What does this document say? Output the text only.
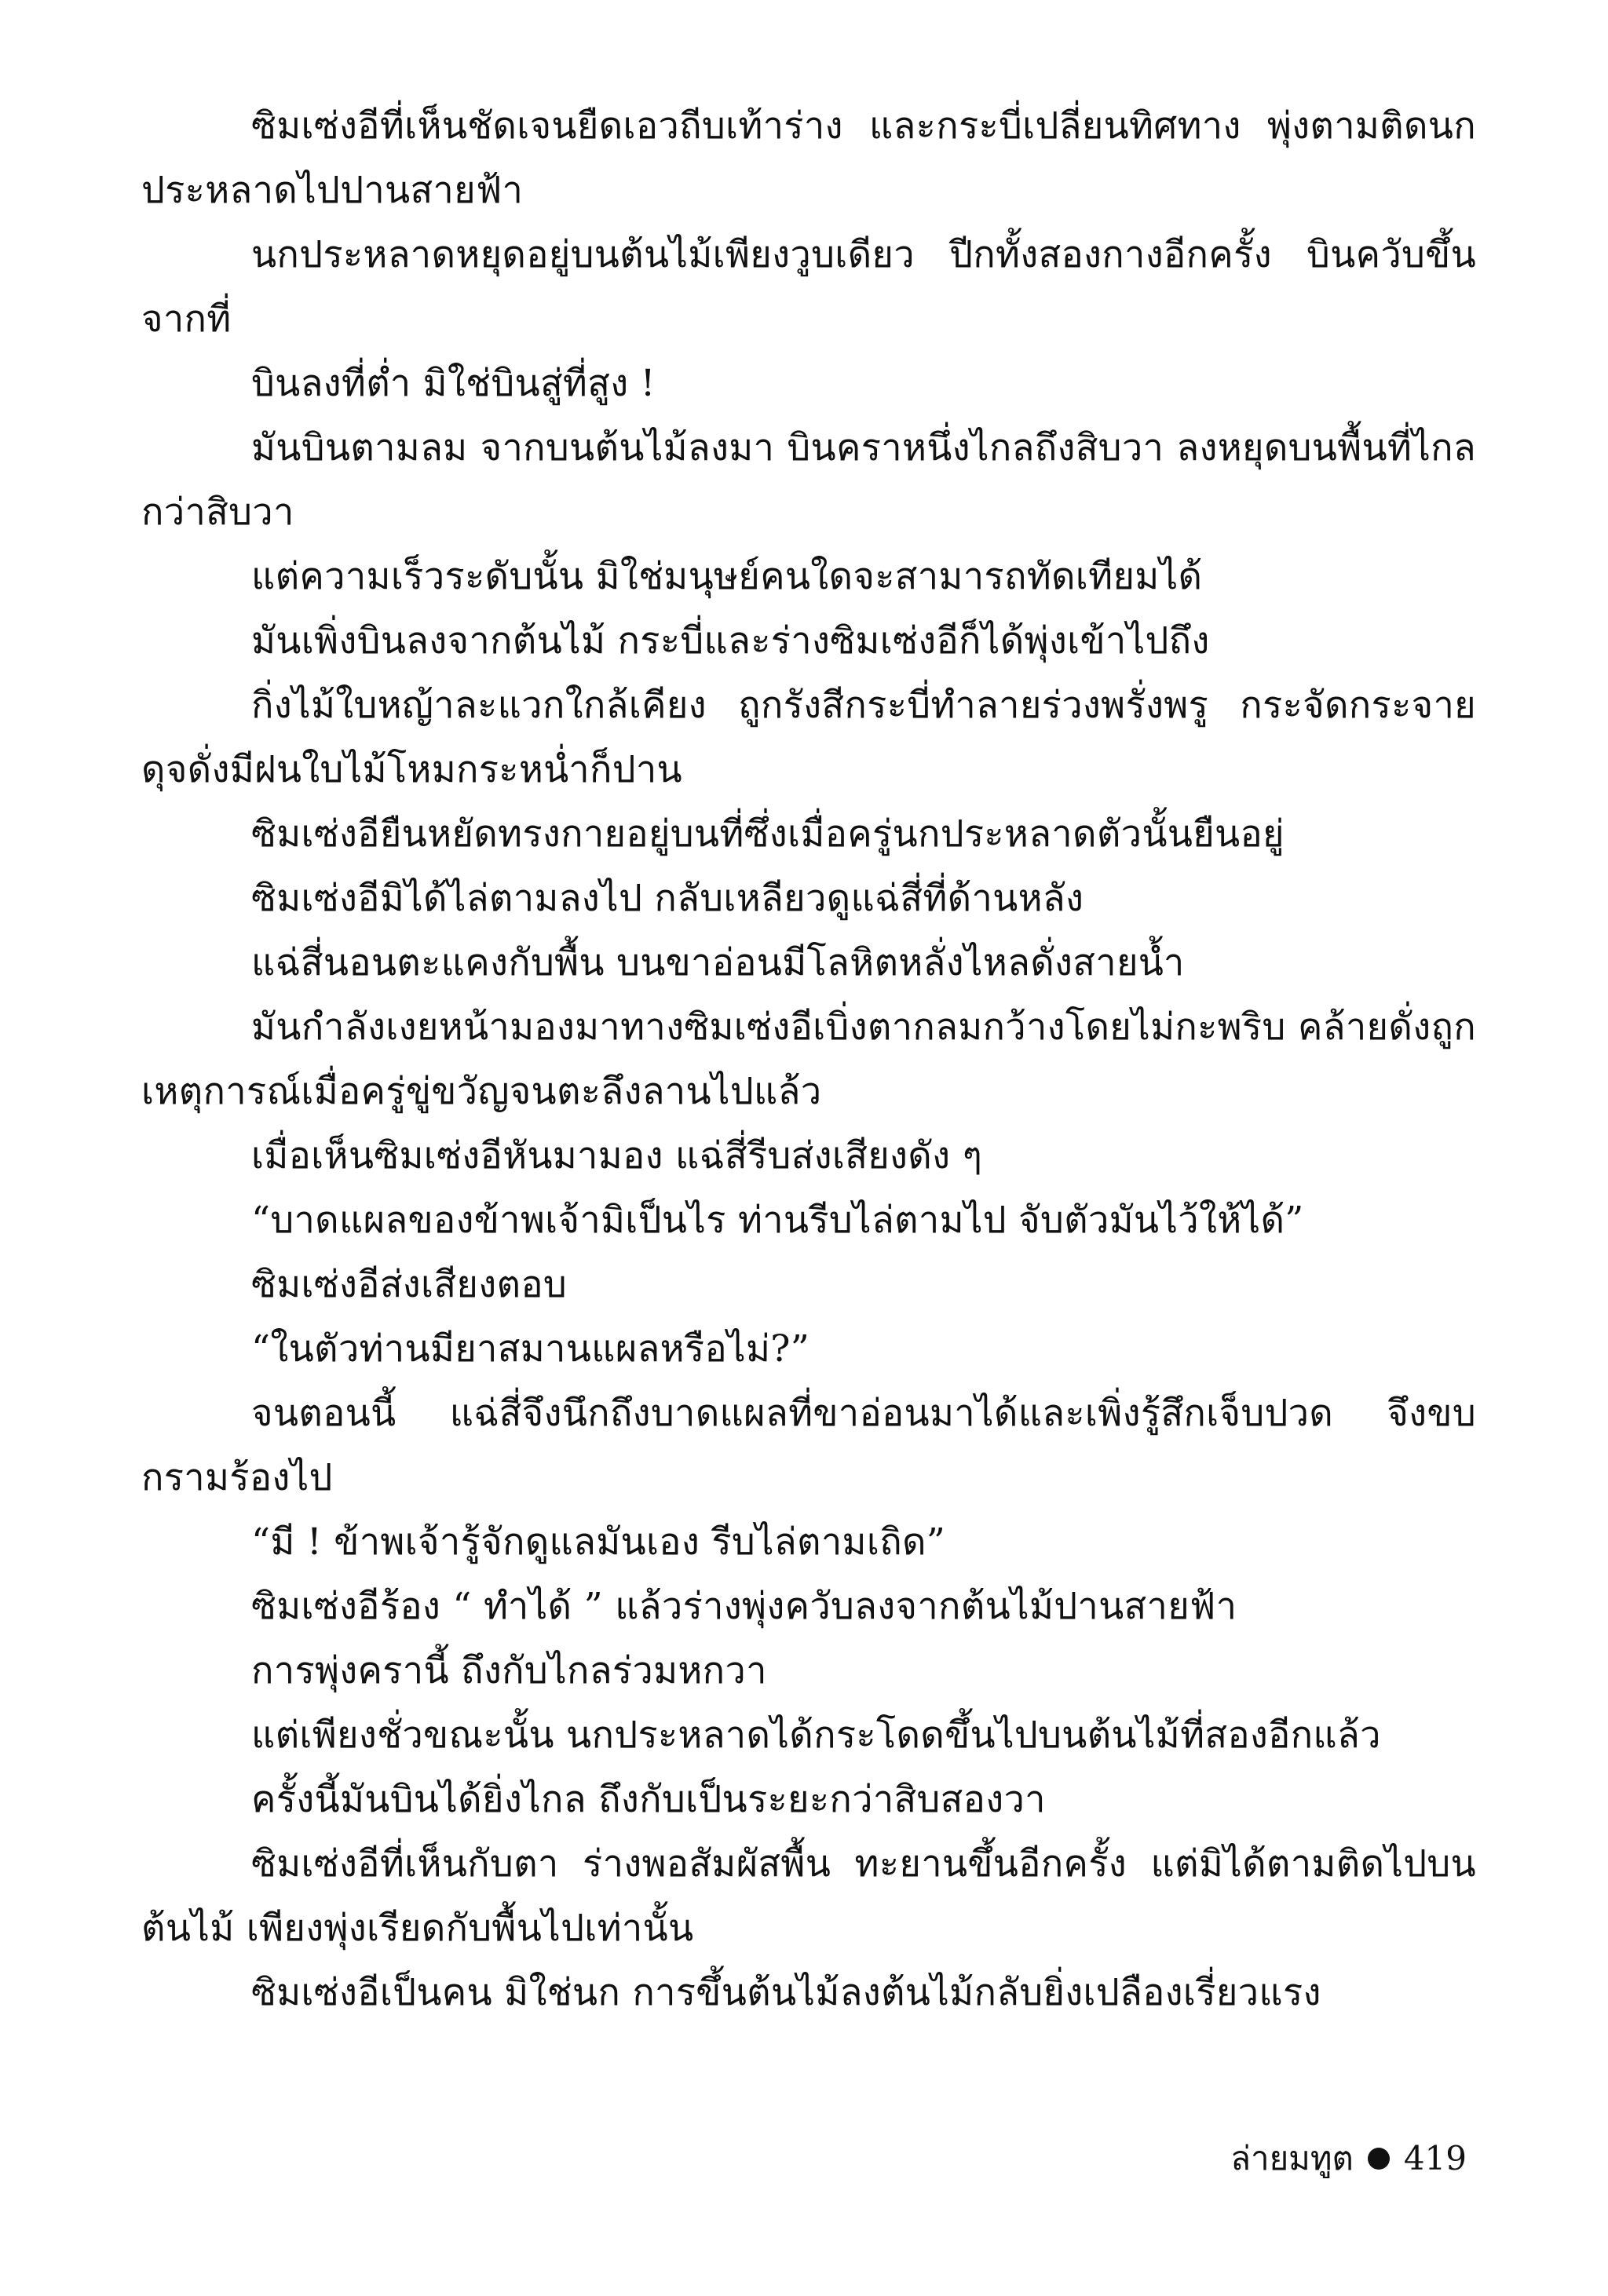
ซิมเซ่งอีที่เห็นชัดเจนยืดเอวถีบเท้าร่าง และกระบี่เปลี่ยนทิศทาง พุ่งตามติดนกประหลาดไปปานสายฟ้า

นกประหลาดหยุดอยู่บนต้นไม้เพียงวูบเดียว ปีกทั้งสองกางอีกครั้ง บินควับขึ้นจากที่

บินลงที่ต่ำ มิใช่บินสู่ที่สูง !

มันบินตามลม จากบนต้นไม้ลงมา บินคราหนึ่งไกลถึงสิบวา ลงหยุดบนพื้นที่ไกลกว่าสิบวา

แต่ความเร็วระดับนั้น มิใช่มนุษย์คนใดจะสามารถทัดเทียมได้

มันเพิ่งบินลงจากต้นไม้ กระบี่และร่างซิมเซ่งอีก็ได้พุ่งเข้าไปถึง

กิ่งไม้ใบหญ้าละแวกใกล้เคียง ถูกรังสีกระบี่ทำลายร่วงพรั่งพรู กระจัดกระจายดุจดั่งมีฝนใบไม้โหมกระหน่ำก็ปาน

ซิมเซ่งอียืนหยัดทรงกายอยู่บนที่ซึ่งเมื่อครู่นกประหลาดตัวนั้นยืนอยู่

ซิมเซ่งอีมิได้ไล่ตามลงไป กลับเหลียวดูแฉ่สี่ที่ด้านหลัง

แฉ่สี่นอนตะแคงกับพื้น บนขาอ่อนมีโลหิตหลั่งไหลดั่งสายน้ำ

มันกำลังเงยหน้ามองมาทางซิมเซ่งอีเบิ่งตากลมกว้างโดยไม่กะพริบ คล้ายดั่งถูกเหตุการณ์เมื่อครู่ขู่ขวัญจนตะลึงลานไปแล้ว

เมื่อเห็นซิมเซ่งอีหันมามอง แฉ่สี่รีบส่งเสียงดัง ๆ

“บาดแผลของข้าพเจ้ามิเป็นไร ท่านรีบไล่ตามไป จับตัวมันไว้ให้ได้”

ซิมเซ่งอีส่งเสียงตอบ

“ในตัวท่านมียาสมานแผลหรือไม่?”

จนตอนนี้ แฉ่สี่จึงนึกถึงบาดแผลที่ขาอ่อนมาได้และเพิ่งรู้สึกเจ็บปวด จึงขบกรามร้องไป

“มี ! ข้าพเจ้ารู้จักดูแลมันเอง รีบไล่ตามเถิด”

ซิมเซ่งอีร้อง “ ทำได้ ” แล้วร่างพุ่งควับลงจากต้นไม้ปานสายฟ้า

การพุ่งครานี้ ถึงกับไกลร่วมหกวา

แต่เพียงชั่วขณะนั้น นกประหลาดได้กระโดดขึ้นไปบนต้นไม้ที่สองอีกแล้ว

ครั้งนี้มันบินได้ยิ่งไกล ถึงกับเป็นระยะกว่าสิบสองวา

ซิมเซ่งอีที่เห็นกับตา ร่างพอสัมผัสพื้น ทะยานขึ้นอีกครั้ง แต่มิได้ตามติดไปบนต้นไม้ เพียงพุ่งเรียดกับพื้นไปเท่านั้น

ซิมเซ่งอีเป็นคน มิใช่นก การขึ้นต้นไม้ลงต้นไม้กลับยิ่งเปลืองเรี่ยวแรง

ล่ายมทูต 419
